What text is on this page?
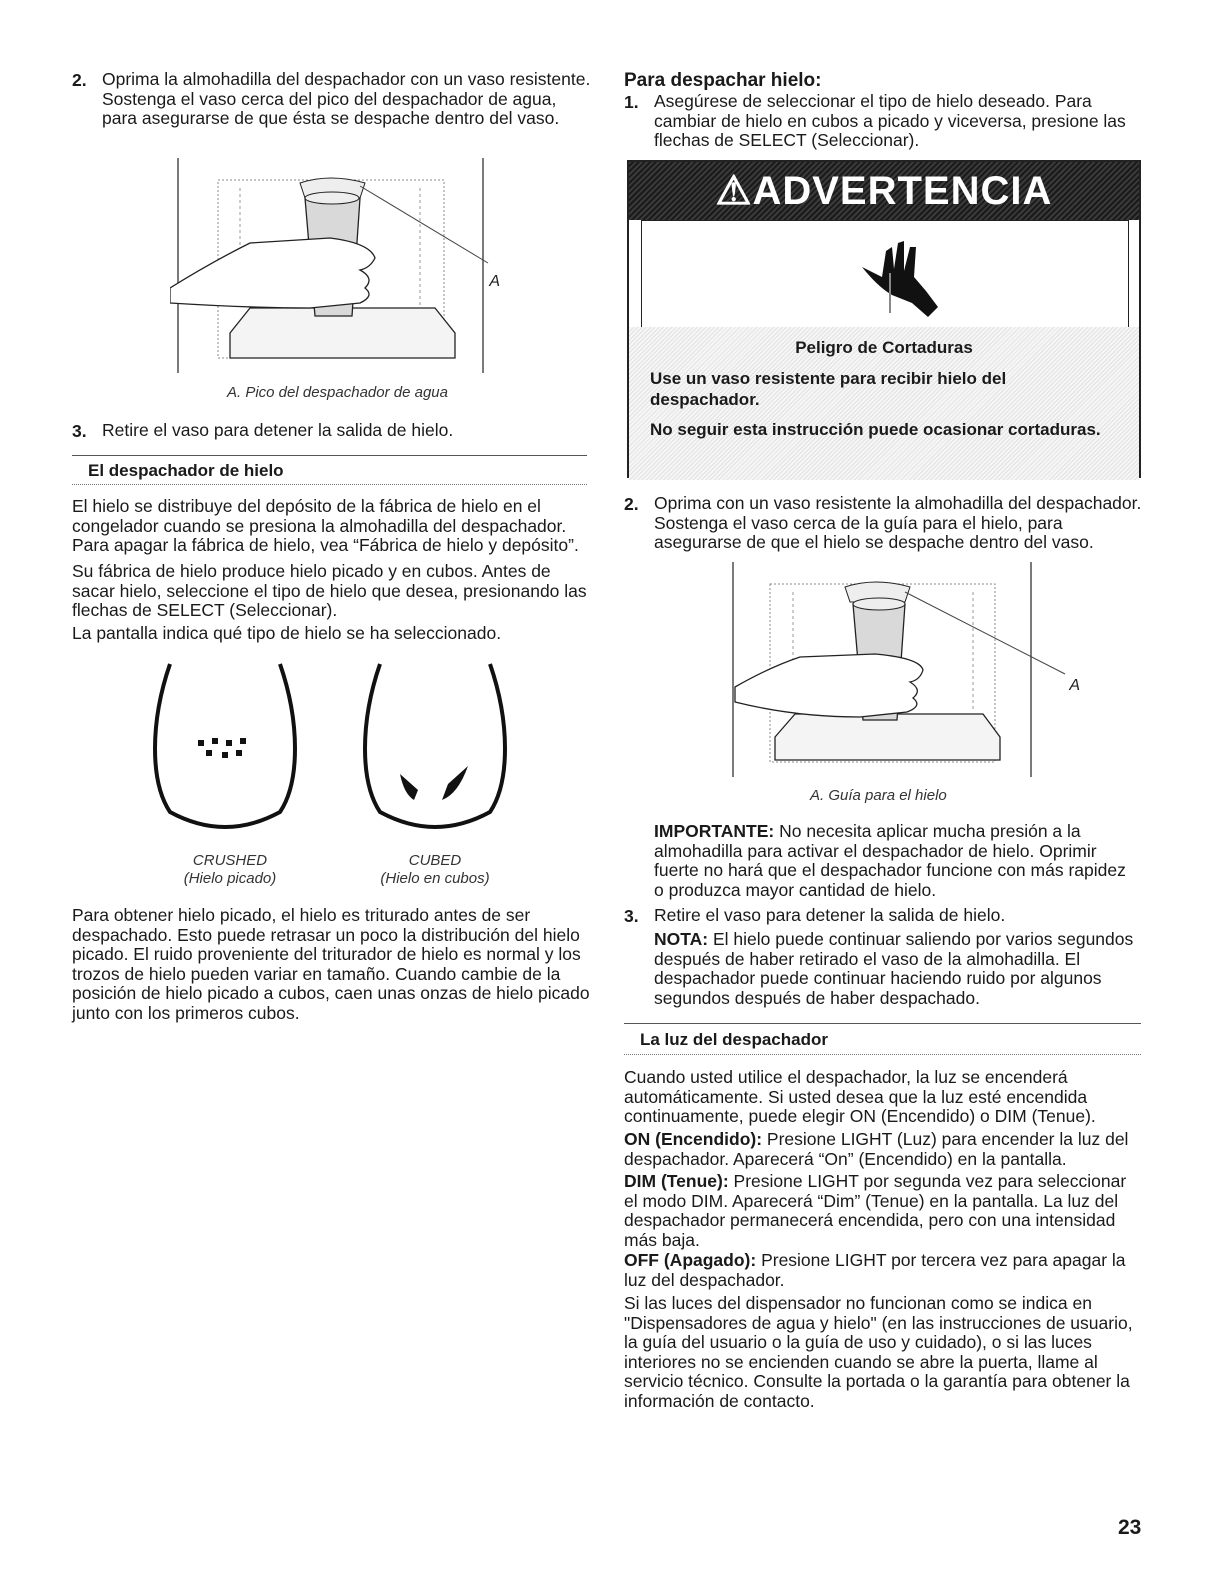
2. Oprima la almohadilla del despachador con un vaso resistente. Sostenga el vaso cerca del pico del despachador de agua, para asegurarse de que ésta se despache dentro del vaso.
A
A. Pico del despachador de agua
3. Retire el vaso para detener la salida de hielo.
El despachador de hielo
El hielo se distribuye del depósito de la fábrica de hielo en el congelador cuando se presiona la almohadilla del despachador. Para apagar la fábrica de hielo, vea “Fábrica de hielo y depósito”.
Su fábrica de hielo produce hielo picado y en cubos. Antes de sacar hielo, seleccione el tipo de hielo que desea, presionando las flechas de SELECT (Seleccionar).
La pantalla indica qué tipo de hielo se ha seleccionado.
CRUSHED
(Hielo picado)
CUBED
(Hielo en cubos)
Para obtener hielo picado, el hielo es triturado antes de ser despachado. Esto puede retrasar un poco la distribución del hielo picado. El ruido proveniente del triturador de hielo es normal y los trozos de hielo pueden variar en tamaño. Cuando cambie de la posición de hielo picado a cubos, caen unas onzas de hielo picado junto con los primeros cubos.
Para despachar hielo:
1. Asegúrese de seleccionar el tipo de hielo deseado. Para cambiar de hielo en cubos a picado y viceversa, presione las flechas de SELECT (Seleccionar).
⚠ADVERTENCIA
Peligro de Cortaduras
Use un vaso resistente para recibir hielo del despachador.
No seguir esta instrucción puede ocasionar cortaduras.
2. Oprima con un vaso resistente la almohadilla del despachador. Sostenga el vaso cerca de la guía para el hielo, para asegurarse de que el hielo se despache dentro del vaso.
A
A. Guía para el hielo
IMPORTANTE: No necesita aplicar mucha presión a la almohadilla para activar el despachador de hielo. Oprimir fuerte no hará que el despachador funcione con más rapidez o produzca mayor cantidad de hielo.
3. Retire el vaso para detener la salida de hielo.
NOTA: El hielo puede continuar saliendo por varios segundos después de haber retirado el vaso de la almohadilla. El despachador puede continuar haciendo ruido por algunos segundos después de haber despachado.
La luz del despachador
Cuando usted utilice el despachador, la luz se encenderá automáticamente. Si usted desea que la luz esté encendida continuamente, puede elegir ON (Encendido) o DIM (Tenue).
ON (Encendido): Presione LIGHT (Luz) para encender la luz del despachador. Aparecerá “On” (Encendido) en la pantalla.
DIM (Tenue): Presione LIGHT por segunda vez para seleccionar el modo DIM. Aparecerá “Dim” (Tenue) en la pantalla. La luz del despachador permanecerá encendida, pero con una intensidad más baja.
OFF (Apagado): Presione LIGHT por tercera vez para apagar la luz del despachador.
Si las luces del dispensador no funcionan como se indica en "Dispensadores de agua y hielo" (en las instrucciones de usuario, la guía del usuario o la guía de uso y cuidado), o si las luces interiores no se encienden cuando se abre la puerta, llame al servicio técnico. Consulte la portada o la garantía para obtener la información de contacto.
23
